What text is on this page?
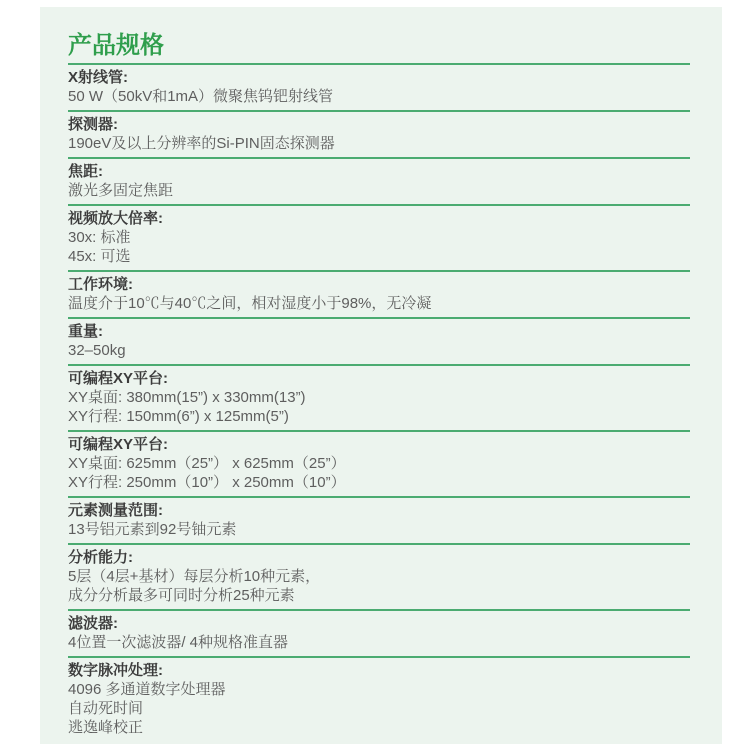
产品规格
X射线管:
50 W（50kV和1mA）微聚焦钨钯射线管
探测器:
190eV及以上分辨率的Si-PIN固态探测器
焦距:
激光多固定焦距
视频放大倍率:
30x: 标准
45x: 可选
工作环境:
温度介于10℃与40℃之间，相对湿度小于98%，无冷凝
重量:
32–50kg
可编程XY平台:
XY桌面: 380mm(15”) x 330mm(13”)
XY行程: 150mm(6”) x 125mm(5”)
可编程XY平台:
XY桌面: 625mm（25”） x 625mm（25”）
XY行程: 250mm（10”） x 250mm（10”）
元素测量范围:
13号铝元素到92号铀元素
分析能力:
5层（4层+基材）每层分析10种元素，
成分分析最多可同时分析25种元素
滤波器:
4位置一次滤波器/ 4种规格准直器
数字脉冲处理:
4096 多通道数字处理器
自动死时间
逃逸峰校正
